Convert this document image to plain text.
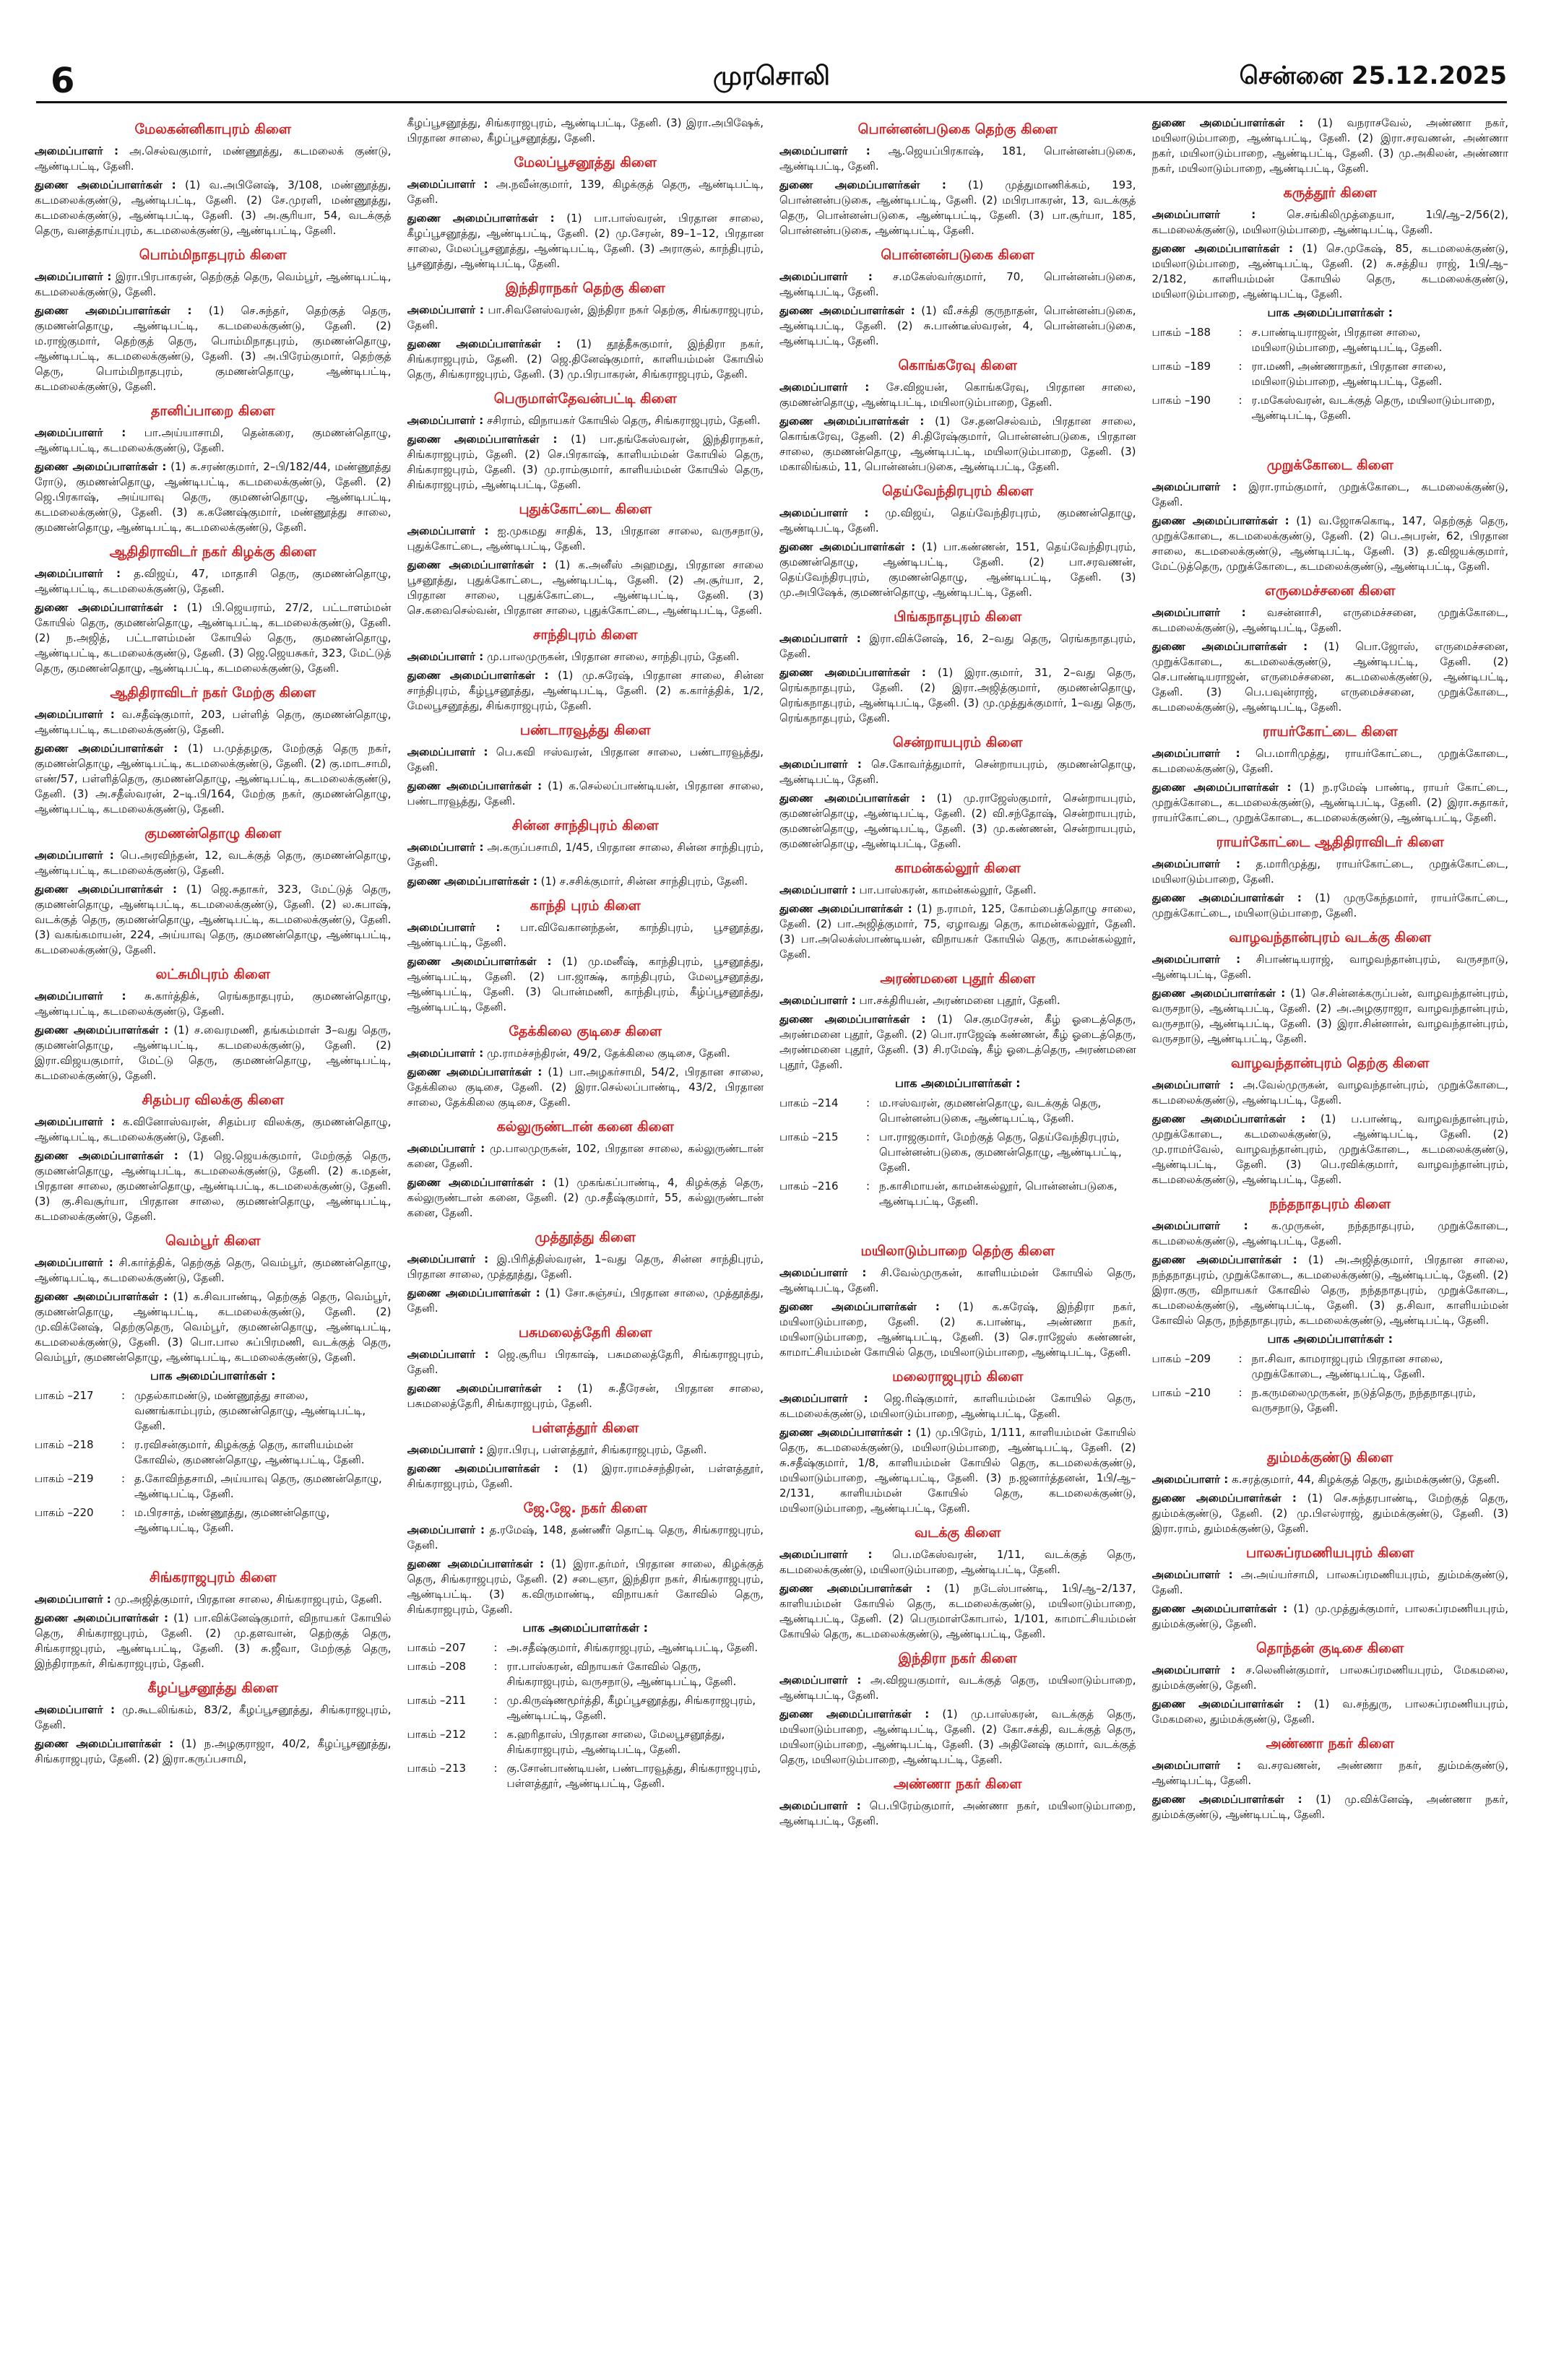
6	முரசொலி	சென்னை 25.12.2025
மேலகன்னிகாபுரம் கிளை
அமைப்பாளர் : அ.செல்வகுமார், மண்ணூத்து, கடமலைக் குண்டு, ஆண்டிபட்டி, தேனி.
துணை அமைப்பாளர்கள் : (1) வ.அபினேஷ், 3/108, மண்ணூத்து, கடமலைக்குண்டு, ஆண்டிபட்டி, தேனி. (2) சே.முரளி, மண்ணூத்து, கடமலைக்குண்டு, ஆண்டிபட்டி, தேனி. (3) அ.சூரியா, 54, வடக்குத் தெரு, வனத்தாய்புரம், கடமலைக்குண்டு, ஆண்டிபட்டி, தேனி.
பொம்மிநாதபுரம் கிளை
அமைப்பாளர் : இரா.பிரபாகரன், தெற்குத் தெரு, வெம்பூர், ஆண்டிபட்டி, கடமலைக்குண்டு, தேனி.
துணை அமைப்பாளர்கள் : (1) செ.சுந்தர், தெற்குத் தெரு, குமணன்தொழு, ஆண்டிபட்டி, கடமலைக்குண்டு, தேனி. (2) ம.ராஜ்குமார், தெற்குத் தெரு, பொம்மிநாதபுரம், குமணன்தொழு, ஆண்டிபட்டி, கடமலைக்குண்டு, தேனி. (3) அ.பிரேம்குமார், தெற்குத் தெரு, பொம்மிநாதபுரம், குமணன்தொழு, ஆண்டிபட்டி, கடமலைக்குண்டு, தேனி.
தானிப்பாறை கிளை
அமைப்பாளர் : பா.அய்யாசாமி, தென்கரை, குமணன்தொழு, ஆண்டிபட்டி, கடமலைக்குண்டு, தேனி.
துணை அமைப்பாளர்கள் : (1) சு.சரண்குமார், 2–பி/182/44, மண்ணூத்து ரோடு, குமணன்தொழு, ஆண்டிபட்டி, கடமலைக்குண்டு, தேனி. (2) ஜெ.பிரகாஷ், அய்யாவு தெரு, குமணன்தொழு, ஆண்டிபட்டி, கடமலைக்குண்டு, தேனி. (3) க.கணேஷ்குமார், மண்ணூத்து சாலை, குமணன்தொழு, ஆண்டிபட்டி, கடமலைக்குண்டு, தேனி.
ஆதிதிராவிடர் நகர் கிழக்கு கிளை
அமைப்பாளர் : த.விஜய், 47, மாதாசி தெரு, குமணன்தொழு, ஆண்டிபட்டி, கடமலைக்குண்டு, தேனி.
துணை அமைப்பாளர்கள் : (1) பி.ஜெயராம், 27/2, பட்டாளம்மன் கோயில் தெரு, குமணன்தொழு, ஆண்டிபட்டி, கடமலைக்குண்டு, தேனி. (2) ந.அஜித், பட்டாளம்மன் கோயில் தெரு, குமணன்தொழு, ஆண்டிபட்டி, கடமலைக்குண்டு, தேனி. (3) ஜெ.ஜெயசுகர், 323, மேட்டுத் தெரு, குமணன்தொழு, ஆண்டிபட்டி, கடமலைக்குண்டு, தேனி.
ஆதிதிராவிடர் நகர் மேற்கு கிளை
அமைப்பாளர் : வ.சதீஷ்குமார், 203, பள்ளித் தெரு, குமணன்தொழு, ஆண்டிபட்டி, கடமலைக்குண்டு, தேனி.
துணை அமைப்பாளர்கள் : (1) ப.முத்தழகு, மேற்குத் தெரு நகர், குமணன்தொழு, ஆண்டிபட்டி, கடமலைக்குண்டு, தேனி. (2) கு.மாடசாமி, எண்/57, பள்ளித்தெரு, குமணன்தொழு, ஆண்டிபட்டி, கடமலைக்குண்டு, தேனி. (3) அ.சதீஸ்வரன், 2–டி.பி/164, மேற்கு நகர், குமணன்தொழு, ஆண்டிபட்டி, கடமலைக்குண்டு, தேனி.
குமணன்தொழு கிளை
அமைப்பாளர் : பெ.அரவிந்தன், 12, வடக்குத் தெரு, குமணன்தொழு, ஆண்டிபட்டி, கடமலைக்குண்டு, தேனி.
துணை அமைப்பாளர்கள் : (1) ஜெ.சுதாகர், 323, மேட்டுத் தெரு, குமணன்தொழு, ஆண்டிபட்டி, கடமலைக்குண்டு, தேனி. (2) ல.சுபாஷ், வடக்குத் தெரு, குமணன்தொழு, ஆண்டிபட்டி, கடமலைக்குண்டு, தேனி. (3) வகங்கமாயன், 224, அய்யாவு தெரு, குமணன்தொழு, ஆண்டிபட்டி, கடமலைக்குண்டு, தேனி.
லட்சுமிபுரம் கிளை
அமைப்பாளர் : சு.கார்த்திக், ரெங்கநாதபுரம், குமணன்தொழு, ஆண்டிபட்டி, கடமலைக்குண்டு, தேனி.
துணை அமைப்பாளர்கள் : (1) ச.வைரமணி, தங்கம்மாள் 3–வது தெரு, குமணன்தொழு, ஆண்டிபட்டி, கடமலைக்குண்டு, தேனி. (2) இரா.விஜயகுமார், மேட்டு தெரு, குமணன்தொழு, ஆண்டிபட்டி, கடமலைக்குண்டு, தேனி.
சிதம்பர விலக்கு கிளை
அமைப்பாளர் : க.வினோஸ்வரன், சிதம்பர விலக்கு, குமணன்தொழு, ஆண்டிபட்டி, கடமலைக்குண்டு, தேனி.
துணை அமைப்பாளர்கள் : (1) ஜெ.ஜெயக்குமார், மேற்குத் தெரு, குமணன்தொழு, ஆண்டிபட்டி, கடமலைக்குண்டு, தேனி. (2) க.மதன், பிரதான சாலை, குமணன்தொழு, ஆண்டிபட்டி, கடமலைக்குண்டு, தேனி. (3) கு.சிவசூர்யா, பிரதான சாலை, குமணன்தொழு, ஆண்டிபட்டி, கடமலைக்குண்டு, தேனி.
வெம்பூர் கிளை
அமைப்பாளர் : சி.கார்த்திக், தெற்குத் தெரு, வெம்பூர், குமணன்தொழு, ஆண்டிபட்டி, கடமலைக்குண்டு, தேனி.
துணை அமைப்பாளர்கள் : (1) க.சிவபாண்டி, தெற்குத் தெரு, வெம்பூர், குமணன்தொழு, ஆண்டிபட்டி, கடமலைக்குண்டு, தேனி. (2) மு.விக்னேஷ், தெற்குதெரு, வெம்பூர், குமணன்தொழு, ஆண்டிபட்டி, கடமலைக்குண்டு, தேனி. (3) பொ.பால சுப்பிரமணி, வடக்குத் தெரு, வெம்பூர், குமணன்தொழு, ஆண்டிபட்டி, கடமலைக்குண்டு, தேனி.
பாக அமைப்பாளர்கள் :
பாகம் –217	: முதல்காமண்டு, மண்ணூத்து சாலை, வணங்காம்புரம், குமணன்தொழு, ஆண்டிபட்டி, தேனி.
பாகம் –218	: ர.ரவிசன்குமார், கிழக்குத் தெரு, காளியம்மன் கோவில், குமணன்தொழு, ஆண்டிபட்டி, தேனி.
பாகம் –219	: த.கோவிந்தசாமி, அய்யாவு தெரு, குமணன்தொழு, ஆண்டிபட்டி, தேனி.
பாகம் –220	: ம.பிரசாத், மண்ணூத்து, குமணன்தொழு, ஆண்டிபட்டி, தேனி.
சிங்கராஜபுரம் கிளை
அமைப்பாளர் : மு.அஜித்குமார், பிரதான சாலை, சிங்கராஜபுரம், தேனி.
துணை அமைப்பாளர்கள் : (1) பா.விக்னேஷ்குமார், விநாயகர் கோயில் தெரு, சிங்கராஜபுரம், தேனி. (2) மு.தளவான், தெற்குத் தெரு, சிங்கராஜபுரம், ஆண்டிபட்டி, தேனி. (3) சு.ஜீவா, மேற்குத் தெரு, இந்திராநகர், சிங்கராஜபுரம், தேனி.
கீழப்பூசனூத்து கிளை
அமைப்பாளர் : மு.கூடலிங்கம், 83/2, கீழப்பூசனூத்து, சிங்கராஜபுரம், தேனி.
துணை அமைப்பாளர்கள் : (1) ந.அழகுராஜா, 40/2, கீழப்பூசனூத்து, சிங்கராஜபுரம், தேனி. (2) இரா.கருப்பசாமி,
கீழப்பூசனூத்து, சிங்கராஜபுரம், ஆண்டிபட்டி, தேனி. (3) இரா.அபிஷேக், பிரதான சாலை, கீழப்பூசனூத்து, தேனி.
மேலப்பூசனூத்து கிளை
அமைப்பாளர் : அ.நவீன்குமார், 139, கிழக்குத் தெரு, ஆண்டிபட்டி, தேனி.
துணை அமைப்பாளர்கள் : (1) பா.பாஸ்வரன், பிரதான சாலை, கீழப்பூசனூத்து, ஆண்டிபட்டி, தேனி. (2) மு.சேரன், 89–1–12, பிரதான சாலை, மேலப்பூசனூத்து, ஆண்டிபட்டி, தேனி. (3) அராகுல், காந்திபுரம், பூசனூத்து, ஆண்டிபட்டி, தேனி.
இந்திராநகர் தெற்கு கிளை
அமைப்பாளர் : பா.சிவனேஸ்வரன், இந்திரா நகர் தெற்கு, சிங்கராஜபுரம், தேனி.
துணை அமைப்பாளர்கள் : (1) தூத்தீசுகுமார், இந்திரா நகர், சிங்கராஜபுரம், தேனி. (2) ஜெ.தினேஷ்குமார், காளியம்மன் கோயில் தெரு, சிங்கராஜபுரம், தேனி. (3) மு.பிரபாகரன், சிங்கராஜபுரம், தேனி.
பெருமாள்தேவன்பட்டி கிளை
அமைப்பாளர் : சசிராம், விநாயகர் கோயில் தெரு, சிங்கராஜபுரம், தேனி.
துணை அமைப்பாளர்கள் : (1) பா.தங்கேஸ்வரன், இந்திராநகர், சிங்கராஜபுரம், தேனி. (2) செ.பிரகாஷ், காளியம்மன் கோயில் தெரு, சிங்கராஜபுரம், தேனி. (3) மு.ராம்குமார், காளியம்மன் கோயில் தெரு, சிங்கராஜபுரம், ஆண்டிபட்டி, தேனி.
புதுக்கோட்டை கிளை
அமைப்பாளர் : ஐ.முகமது சாதிக், 13, பிரதான சாலை, வருசநாடு, புதுக்கோட்டை, ஆண்டிபட்டி, தேனி.
துணை அமைப்பாளர்கள் : (1) க.அனீஸ் அஹமது, பிரதான சாலை பூசனூத்து, புதுக்கோட்டை, ஆண்டிபட்டி, தேனி. (2) அ.சூர்யா, 2, பிரதான சாலை, புதுக்கோட்டை, ஆண்டிபட்டி, தேனி. (3) செ.கவைசெல்வன், பிரதான சாலை, புதுக்கோட்டை, ஆண்டிபட்டி, தேனி.
சாந்திபுரம் கிளை
அமைப்பாளர் : மு.பாலமுருகன், பிரதான சாலை, சாந்திபுரம், தேனி.
துணை அமைப்பாளர்கள் : (1) மு.சுரேஷ், பிரதான சாலை, சின்ன சாந்திபுரம், கீழ்பூசனூத்து, ஆண்டிபட்டி, தேனி. (2) க.கார்த்திக், 1/2, மேலபூசனூத்து, சிங்கராஜபுரம், தேனி.
பண்டாரவூத்து கிளை
அமைப்பாளர் : பெ.கவி ஈஸ்வரன், பிரதான சாலை, பண்டாரவூத்து, தேனி.
துணை அமைப்பாளர்கள் : (1) க.செல்லப்பாண்டியன், பிரதான சாலை, பண்டாரவூத்து, தேனி.
சின்ன சாந்திபுரம் கிளை
அமைப்பாளர் : அ.கருப்பசாமி, 1/45, பிரதான சாலை, சின்ன சாந்திபுரம், தேனி.
துணை அமைப்பாளர்கள் : (1) ச.சசிக்குமார், சின்ன சாந்திபுரம், தேனி.
காந்தி புரம் கிளை
அமைப்பாளர் : பா.விவேகானந்தன், காந்திபுரம், பூசனூத்து, ஆண்டிபட்டி, தேனி.
துணை அமைப்பாளர்கள் : (1) மு.மனீஷ், காந்திபுரம், பூசனூத்து, ஆண்டிபட்டி, தேனி. (2) பா.ஜாக்ஷ், காந்திபுரம், மேலபூசனூத்து, ஆண்டிபட்டி, தேனி. (3) பொன்மணி, காந்திபுரம், கீழ்ப்பூசனூத்து, ஆண்டிபட்டி, தேனி.
தேக்கிலை குடிசை கிளை
அமைப்பாளர் : மு.ராமச்சந்திரன், 49/2, தேக்கிலை குடிசை, தேனி.
துணை அமைப்பாளர்கள் : (1) பா.அழகர்சாமி, 54/2, பிரதான சாலை, தேக்கிலை குடிசை, தேனி. (2) இரா.செல்லப்பாண்டி, 43/2, பிரதான சாலை, தேக்கிலை குடிசை, தேனி.
கல்லுருண்டான் கனை கிளை
அமைப்பாளர் : மு.பாலமுருகன், 102, பிரதான சாலை, கல்லுருண்டான் கனை, தேனி.
துணை அமைப்பாளர்கள் : (1) முகங்கப்பாண்டி, 4, கிழக்குத் தெரு, கல்லுருண்டான் கனை, தேனி. (2) மு.சதீஷ்குமார், 55, கல்லுருண்டான் கனை, தேனி.
முத்தூத்து கிளை
அமைப்பாளர் : இ.பிரித்திஸ்வரன், 1–வது தெரு, சின்ன சாந்திபுரம், பிரதான சாலை, முத்தூத்து, தேனி.
துணை அமைப்பாளர்கள் : (1) சோ.சுஞ்சய், பிரதான சாலை, முத்தூத்து, தேனி.
பசுமலைத்தேரி கிளை
அமைப்பாளர் : ஜெ.சூரிய பிரகாஷ், பசுமலைத்தேரி, சிங்கராஜபுரம், தேனி.
துணை அமைப்பாளர்கள் : (1) சு.தீரேசன், பிரதான சாலை, பசுமலைத்தேரி, சிங்கராஜபுரம், தேனி.
பள்ளத்தூர் கிளை
அமைப்பாளர் : இரா.பிரபு, பள்ளத்தூர், சிங்கராஜபுரம், தேனி.
துணை அமைப்பாளர்கள் : (1) இரா.ராமச்சந்திரன், பள்ளத்தூர், சிங்கராஜபுரம், தேனி.
ஜே.ஜே. நகர் கிளை
அமைப்பாளர் : த.ரமேஷ், 148, தண்ணீர் தொட்டி தெரு, சிங்கராஜபுரம், தேனி.
துணை அமைப்பாளர்கள் : (1) இரா.தர்மர், பிரதான சாலை, கிழக்குத் தெரு, சிங்கராஜபுரம், தேனி. (2) சடைஞா, இந்திரா நகர், சிங்கராஜபுரம், ஆண்டிபட்டி. (3) க.விருமாண்டி, விநாயகர் கோவில் தெரு, சிங்கராஜபுரம், தேனி.
பாக அமைப்பாளர்கள் :
பாகம் –207	: அ.சதீஷ்குமார், சிங்கராஜபுரம், ஆண்டிபட்டி, தேனி.
பாகம் –208	: ரா.பாஸ்கரன், விநாயகர் கோவில் தெரு, சிங்கராஜபுரம், வருசநாடு, ஆண்டிபட்டி, தேனி.
பாகம் –211	: மு.கிருஷ்ணமூர்த்தி, கீழப்பூசனூத்து, சிங்கராஜபுரம், ஆண்டிபட்டி, தேனி.
பாகம் –212	: க.ஹரிதாஸ், பிரதான சாலை, மேலபூசனூத்து, சிங்கராஜபுரம், ஆண்டிபட்டி, தேனி.
பாகம் –213	: கு.சோன்பாண்டியன், பண்டாரவூத்து, சிங்கராஜபுரம், பள்ளத்தூர், ஆண்டிபட்டி, தேனி.
பொன்னன்படுகை தெற்கு கிளை
அமைப்பாளர் : ஆ.ஜெயப்பிரகாஷ், 181, பொன்னன்படுகை, ஆண்டிபட்டி, தேனி.
துணை அமைப்பாளர்கள் : (1) முத்துமாணிக்கம், 193, பொன்னன்படுகை, ஆண்டிபட்டி, தேனி. (2) மபிரபாகரன், 13, வடக்குத் தெரு, பொன்னன்படுகை, ஆண்டிபட்டி, தேனி. (3) பா.சூர்யா, 185, பொன்னன்படுகை, ஆண்டிபட்டி, தேனி.
பொன்னன்படுகை கிளை
அமைப்பாளர் : ச.மகேஸ்வர்குமார், 70, பொன்னன்படுகை, ஆண்டிபட்டி, தேனி.
துணை அமைப்பாளர்கள் : (1) வீ.சக்தி குருநாதன், பொன்னன்படுகை, ஆண்டிபட்டி, தேனி. (2) சு.பாண்டீஸ்வரன், 4, பொன்னன்படுகை, ஆண்டிபட்டி, தேனி.
கொங்கரேவு கிளை
அமைப்பாளர் : சே.விஜயன், கொங்கரேவு, பிரதான சாலை, குமணன்தொழு, ஆண்டிபட்டி, மயிலாடும்பாறை, தேனி.
துணை அமைப்பாளர்கள் : (1) சே.தனசெல்வம், பிரதான சாலை, கொங்கரேவு, தேனி. (2) சி.திரேஷ்குமார், பொன்னன்படுகை, பிரதான சாலை, குமணன்தொழு, ஆண்டிபட்டி, மயிலாடும்பாறை, தேனி. (3) மகாலிங்கம், 11, பொன்னன்படுகை, ஆண்டிபட்டி, தேனி.
தெய்வேந்திரபுரம் கிளை
அமைப்பாளர் : மு.விஜய், தெய்வேந்திரபுரம், குமணன்தொழு, ஆண்டிபட்டி, தேனி.
துணை அமைப்பாளர்கள் : (1) பா.கண்ணன், 151, தெய்வேந்திரபுரம், குமணன்தொழு, ஆண்டிபட்டி, தேனி. (2) பா.சரவணன், தெய்வேந்திரபுரம், குமணன்தொழு, ஆண்டிபட்டி, தேனி. (3) மு.அபிஷேக், குமணன்தொழு, ஆண்டிபட்டி, தேனி.
பிங்கநாதபுரம் கிளை
அமைப்பாளர் : இரா.விக்னேஷ், 16, 2–வது தெரு, ரெங்கநாதபுரம், தேனி.
துணை அமைப்பாளர்கள் : (1) இரா.குமார், 31, 2–வது தெரு, ரெங்கநாதபுரம், தேனி. (2) இரா.அஜித்குமார், குமணன்தொழு, ரெங்கநாதபுரம், ஆண்டிபட்டி, தேனி. (3) மு.முத்துக்குமார், 1–வது தெரு, ரெங்கநாதபுரம், தேனி.
சென்றாயபுரம் கிளை
அமைப்பாளர் : செ.கோவர்த்துமார், சென்றாயபுரம், குமணன்தொழு, ஆண்டிபட்டி, தேனி.
துணை அமைப்பாளர்கள் : (1) மு.ராஜேஸ்குமார், சென்றாயபுரம், குமணன்தொழு, ஆண்டிபட்டி, தேனி. (2) வி.சந்தோஷ், சென்றாயபுரம், குமணன்தொழு, ஆண்டிபட்டி, தேனி. (3) மு.கண்ணன், சென்றாயபுரம், குமணன்தொழு, ஆண்டிபட்டி, தேனி.
காமன்கல்லூர் கிளை
அமைப்பாளர் : பா.பாஸ்கரன், காமன்கல்லூர், தேனி.
துணை அமைப்பாளர்கள் : (1) ந.ராமர், 125, கோம்பைத்தொழு சாலை, தேனி. (2) பா.அஜித்குமார், 75, ஏழாவது தெரு, காமன்கல்லூர், தேனி. (3) பா.அலெக்ஸ்பாண்டியன், விநாயகர் கோயில் தெரு, காமன்கல்லூர், தேனி.
அரண்மனை புதூர் கிளை
அமைப்பாளர் : பா.சக்திரியன், அரண்மனை புதூர், தேனி.
துணை அமைப்பாளர்கள் : (1) செ.குமரேசன், கீழ் ஓடைத்தெரு, அரண்மனை புதூர், தேனி. (2) பொ.ராஜேஷ் கண்ணன், கீழ் ஓடைத்தெரு, அரண்மனை புதூர், தேனி. (3) சி.ரமேஷ், கீழ் ஓடைத்தெரு, அரண்மனை புதூர், தேனி.
பாக அமைப்பாளர்கள் :
பாகம் –214	: ம.ஈஸ்வரன், குமணன்தொழு, வடக்குத் தெரு, பொன்னன்படுகை, ஆண்டிபட்டி, தேனி.
பாகம் –215	: பா.ராஜகுமார், மேற்குத் தெரு, தெய்வேந்திரபுரம், பொன்னன்படுகை, குமணன்தொழு, ஆண்டிபட்டி, தேனி.
பாகம் –216	: ந.காசிமாயன், காமன்கல்லூர், பொன்னன்படுகை, ஆண்டிபட்டி, தேனி.
மயிலாடும்பாறை தெற்கு கிளை
அமைப்பாளர் : சி.வேல்முருகன், காளியம்மன் கோயில் தெரு, ஆண்டிபட்டி, தேனி.
துணை அமைப்பாளர்கள் : (1) க.சுரேஷ், இந்திரா நகர், மயிலாடும்பாறை, தேனி. (2) க.பாண்டி, அண்ணா நகர், மயிலாடும்பாறை, ஆண்டிபட்டி, தேனி. (3) செ.ராஜேஸ் கண்ணன், காமாட்சியம்மன் கோயில் தெரு, மயிலாடும்பாறை, ஆண்டிபட்டி, தேனி.
மலைராஜபுரம் கிளை
அமைப்பாளர் : ஜெ.ரிஷ்குமார், காளியம்மன் கோயில் தெரு, கடமலைக்குண்டு, மயிலாடும்பாறை, ஆண்டிபட்டி, தேனி.
துணை அமைப்பாளர்கள் : (1) மு.பிரேம், 1/111, காளியம்மன் கோயில் தெரு, கடமலைக்குண்டு, மயிலாடும்பாறை, ஆண்டிபட்டி, தேனி. (2) சு.சதீஷ்குமார், 1/8, காளியம்மன் கோயில் தெரு, கடமலைக்குண்டு, மயிலாடும்பாறை, ஆண்டிபட்டி, தேனி. (3) ந.ஜனார்த்தனன், 1பி/ஆ–2/131, காளியம்மன் கோயில் தெரு, கடமலைக்குண்டு, மயிலாடும்பாறை, ஆண்டிபட்டி, தேனி.
வடக்கு கிளை
அமைப்பாளர் : பெ.மகேஸ்வரன், 1/11, வடக்குத் தெரு, கடமலைக்குண்டு, மயிலாடும்பாறை, ஆண்டிபட்டி, தேனி.
துணை அமைப்பாளர்கள் : (1) நடேஸ்பாண்டி, 1பி/ஆ–2/137, காளியம்மன் கோயில் தெரு, கடமலைக்குண்டு, மயிலாடும்பாறை, ஆண்டிபட்டி, தேனி. (2) பெருமாள்கோபால், 1/101, காமாட்சியம்மன் கோயில் தெரு, கடமலைக்குண்டு, ஆண்டிபட்டி, தேனி.
இந்திரா நகர் கிளை
அமைப்பாளர் : அ.விஜயகுமார், வடக்குத் தெரு, மயிலாடும்பாறை, ஆண்டிபட்டி, தேனி.
துணை அமைப்பாளர்கள் : (1) மு.பாஸ்கரன், வடக்குத் தெரு, மயிலாடும்பாறை, ஆண்டிபட்டி, தேனி. (2) கோ.சக்தி, வடக்குத் தெரு, மயிலாடும்பாறை, ஆண்டிபட்டி, தேனி. (3) அதினேஷ் குமார், வடக்குத் தெரு, மயிலாடும்பாறை, ஆண்டிபட்டி, தேனி.
அண்ணா நகர் கிளை
அமைப்பாளர் : பெ.பிரேம்குமார், அண்ணா நகர், மயிலாடும்பாறை, ஆண்டிபட்டி, தேனி.
துணை அமைப்பாளர்கள் : (1) வநராசவேல், அண்ணா நகர், மயிலாடும்பாறை, ஆண்டிபட்டி, தேனி. (2) இரா.சரவணன், அண்ணா நகர், மயிலாடும்பாறை, ஆண்டிபட்டி, தேனி. (3) மு.அகிலன், அண்ணா நகர், மயிலாடும்பாறை, ஆண்டிபட்டி, தேனி.
கருத்தூர் கிளை
அமைப்பாளர் :	செ.சங்கிலிமுத்தையா, 1பி/ஆ–2/56(2), கடமலைக்குண்டு, மயிலாடும்பாறை, ஆண்டிபட்டி, தேனி.
துணை அமைப்பாளர்கள் : (1) செ.முகேஷ், 85, கடமலைக்குண்டு, மயிலாடும்பாறை, ஆண்டிபட்டி, தேனி. (2) சு.சத்திய ராஜ், 1பி/ஆ–2/182, காளியம்மன் கோயில் தெரு, கடமலைக்குண்டு, மயிலாடும்பாறை, ஆண்டிபட்டி, தேனி.
பாக அமைப்பாளர்கள் :
பாகம் –188	: ச.பாண்டியராஜன், பிரதான சாலை, மயிலாடும்பாறை, ஆண்டிபட்டி, தேனி.
பாகம் –189	: ரா.மணி, அண்ணாநகர், பிரதான சாலை, மயிலாடும்பாறை, ஆண்டிபட்டி, தேனி.
பாகம் –190	: ர.மகேஸ்வரன், வடக்குத் தெரு, மயிலாடும்பாறை, ஆண்டிபட்டி, தேனி.
முறுக்கோடை கிளை
அமைப்பாளர் : இரா.ராம்குமார், முறுக்கோடை, கடமலைக்குண்டு, தேனி.
துணை அமைப்பாளர்கள் : (1) வ.ஜோசுகொடி, 147, தெற்குத் தெரு, முறுக்கோடை, கடமலைக்குண்டு, தேனி. (2) பெ.அபரன், 62, பிரதான சாலை, கடமலைக்குண்டு, ஆண்டிபட்டி, தேனி. (3) த.விஜயக்குமார், மேட்டுத்தெரு, முறுக்கோடை, கடமலைக்குண்டு, ஆண்டிபட்டி, தேனி.
எருமைச்சனை கிளை
அமைப்பாளர் : வசன்னாசி, எருமைச்சனை, முறுக்கோடை, கடமலைக்குண்டு, ஆண்டிபட்டி, தேனி.
துணை அமைப்பாளர்கள் : (1) பொ.ஜோஸ், எருமைச்சனை, முறுக்கோடை, கடமலைக்குண்டு, ஆண்டிபட்டி, தேனி. (2) செ.பாண்டியராஜன், எருமைச்சனை, கடமலைக்குண்டு, ஆண்டிபட்டி, தேனி. (3) பெ.பவுன்ராஜ், எருமைச்சனை, முறுக்கோடை, கடமலைக்குண்டு, ஆண்டிபட்டி, தேனி.
ராயர்கோட்டை கிளை
அமைப்பாளர் : பெ.மாரிமுத்து, ராயர்கோட்டை, முறுக்கோடை, கடமலைக்குண்டு, தேனி.
துணை அமைப்பாளர்கள் : (1) ந.ரமேஷ் பாண்டி, ராயர் கோட்டை, முறுக்கோடை, கடமலைக்குண்டு, ஆண்டிபட்டி, தேனி. (2) இரா.சுதாகர், ராயர்கோட்டை, முறுக்கோடை, கடமலைக்குண்டு, ஆண்டிபட்டி, தேனி.
ராயர்கோட்டை ஆதிதிராவிடர் கிளை
அமைப்பாளர் : த.மாரிமுத்து, ராயர்கோட்டை, முறுக்கோட்டை, மயிலாடும்பாறை, தேனி.
துணை அமைப்பாளர்கள் : (1) முருகேந்தமார், ராயர்கோட்டை, முறுக்கோட்டை, மயிலாடும்பாறை, தேனி.
வாழவந்தான்புரம் வடக்கு கிளை
அமைப்பாளர் : சிபாண்டியராஜ், வாழவந்தான்புரம், வருசநாடு, ஆண்டிபட்டி, தேனி.
துணை அமைப்பாளர்கள் : (1) செ.சின்னக்கருப்பன், வாழவந்தான்புரம், வருசநாடு, ஆண்டிபட்டி, தேனி. (2) அ.அழகுராஜா, வாழவந்தான்புரம், வருசநாடு, ஆண்டிபட்டி, தேனி. (3) இரா.சின்னான், வாழவந்தான்புரம், வருசநாடு, ஆண்டிபட்டி, தேனி.
வாழவந்தான்புரம் தெற்கு கிளை
அமைப்பாளர் : அ.வேல்முருகன், வாழவந்தான்புரம், முறுக்கோடை, கடமலைக்குண்டு, ஆண்டிபட்டி, தேனி.
துணை அமைப்பாளர்கள் : (1) ப.பாண்டி, வாழவந்தான்புரம், முறுக்கோடை, கடமலைக்குண்டு, ஆண்டிபட்டி, தேனி. (2) மு.ராமர்வேல், வாழவந்தான்புரம், முறுக்கோடை, கடமலைக்குண்டு, ஆண்டிபட்டி, தேனி. (3) பெ.ரவிக்குமார், வாழவந்தான்புரம், கடமலைக்குண்டு, ஆண்டிபட்டி, தேனி.
நந்தநாதபுரம் கிளை
அமைப்பாளர் : க.முருகன், நந்தநாதபுரம், முறுக்கோடை, கடமலைக்குண்டு, ஆண்டிபட்டி, தேனி.
துணை அமைப்பாளர்கள் : (1) அ.அஜித்குமார், பிரதான சாலை, நந்தநாதபுரம், முறுக்கோடை, கடமலைக்குண்டு, ஆண்டிபட்டி, தேனி. (2) இரா.குரு, விநாயகர் கோவில் தெரு, நந்தநாதபுரம், முறுக்கோடை, கடமலைக்குண்டு, ஆண்டிபட்டி, தேனி. (3) த.சிவா, காளியம்மன் கோவில் தெரு, நந்தநாதபுரம், கடமலைக்குண்டு, ஆண்டிபட்டி, தேனி.
பாக அமைப்பாளர்கள் :
பாகம் –209	: நா.சிவா, காமராஜபுரம் பிரதான சாலை, முறுக்கோடை, ஆண்டிபட்டி, தேனி.
பாகம் –210	: ந.கருமலைமுருகன், நடுத்தெரு, நந்தநாதபுரம், வருசநாடு, தேனி.
தும்மக்குண்டு கிளை
அமைப்பாளர் : க.சரத்குமார், 44, கிழக்குத் தெரு, தும்மக்குண்டு, தேனி.
துணை அமைப்பாளர்கள் : (1) செ.சுந்தரபாண்டி, மேற்குத் தெரு, தும்மக்குண்டு, தேனி. (2) மு.பிஎல்ராஜ், தும்மக்குண்டு, தேனி. (3) இரா.ராம், தும்மக்குண்டு, தேனி.
பாலசுப்ரமணியபுரம் கிளை
அமைப்பாளர் : அ.அய்யர்சாமி, பாலசுப்ரமணியபுரம், தும்மக்குண்டு, தேனி.
துணை அமைப்பாளர்கள் : (1) மு.முத்துக்குமார், பாலசுப்ரமணியபுரம், தும்மக்குண்டு, தேனி.
தொந்தன் குடிசை கிளை
அமைப்பாளர் : ச.லெனின்குமார், பாலசுப்ரமணியபுரம், மேகமலை, தும்மக்குண்டு, தேனி.
துணை அமைப்பாளர்கள் : (1) வ.சந்துரு, பாலசுப்ரமணியபுரம், மேகமலை, தும்மக்குண்டு, தேனி.
அண்ணா நகர் கிளை
அமைப்பாளர் : வ.சரவணன், அண்ணா நகர், தும்மக்குண்டு, ஆண்டிபட்டி, தேனி.
துணை அமைப்பாளர்கள் : (1) மு.விக்னேஷ், அண்ணா நகர், தும்மக்குண்டு, ஆண்டிபட்டி, தேனி.
